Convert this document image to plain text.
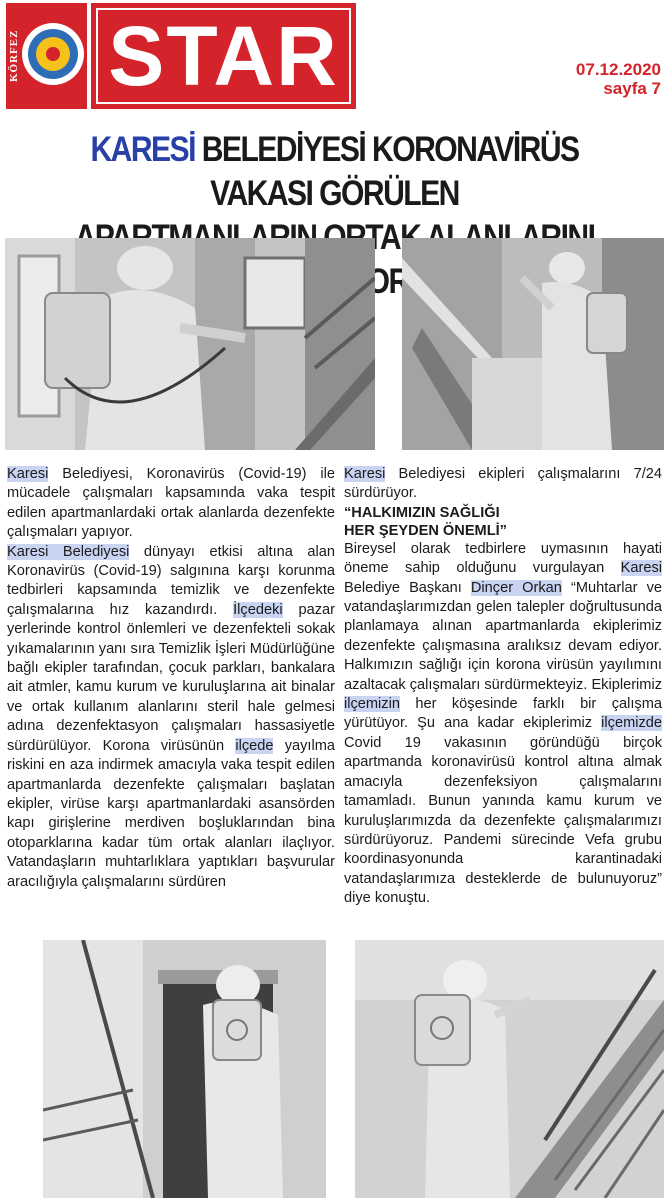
KÖRFEZ STAR	07.12.2020
sayfa 7
KARESİ BELEDİYESİ KORONAVİRÜS VAKASI GÖRÜLEN

Karesi Belediyesi, Koronavirüs (Covid-19) ile mücadele çalışmaları kapsamında vaka tespit edilen apartmanlardaki ortak alanlarda dezenfekte çalışmaları yapıyor.

Karesi Belediyesi dünyayı etkisi altına alan Koronavirüs (Covid-19) salgınına karşı korunma tedbirleri kapsamında temizlik ve dezenfekte çalışmalarına hız kazandırdı. İlçedeki pazar yerlerinde kontrol önlemleri ve dezenfekteli sokak yıkamalarının yanı sıra Temizlik İşleri Müdürlüğüne bağlı ekipler tarafından, çocuk parkları, bankalara ait atmler, kamu kurum ve kuruluşlarına ait binalar ve ortak kullanım alanlarını steril hale gelmesi adına dezenfektasyon çalışmaları hassasiyetle sürdürülüyor. Korona virüsünün ilçede yayılma riskini en aza indirmek amacıyla vaka tespit edilen apartmanlarda dezenfekte çalışmaları başlatan ekipler, virüse karşı apartmanlardaki asansörden kapı girişlerine merdiven boşluklarından bina otoparklarına kadar tüm ortak alanları ilaçlıyor. Vatandaşların muhtarlıklara yaptıkları başvurular aracılığıyla çalışmalarını sürdüren

Karesi Belediyesi ekipleri çalışmalarını 7/24 sürdürüyor.

“HALKIMIZIN SAĞLIĞI
HER ŞEYDEN ÖNEMLİ”

Bireysel olarak tedbirlere uymasının hayati öneme sahip olduğunu vurgulayan Karesi Belediye Başkanı Dinçer Orkan “Muhtarlar ve vatandaşlarımızdan gelen talepler doğrultusunda planlamaya alınan apartmanlarda ekiplerimiz dezenfekte çalışmasına aralıksız devam ediyor. Halkımızın sağlığı için korona virüsün yayılımını azaltacak çalışmaları sürdürmekteyiz. Ekiplerimiz ilçemizin her köşesinde farklı bir çalışma yürütüyor. Şu ana kadar ekiplerimiz ilçemizde Covid 19 vakasının göründüğü birçok apartmanda koronavirüsü kontrol altına almak amacıyla dezenfeksiyon çalışmalarını tamamladı. Bunun yanında kamu kurum ve kuruluşlarımızda da dezenfekte çalışmalarımızı sürdürüyoruz. Pandemi sürecinde Vefa grubu koordinasyonunda karantinadaki vatandaşlarımıza desteklerde de bulunuyoruz” diye konuştu.
